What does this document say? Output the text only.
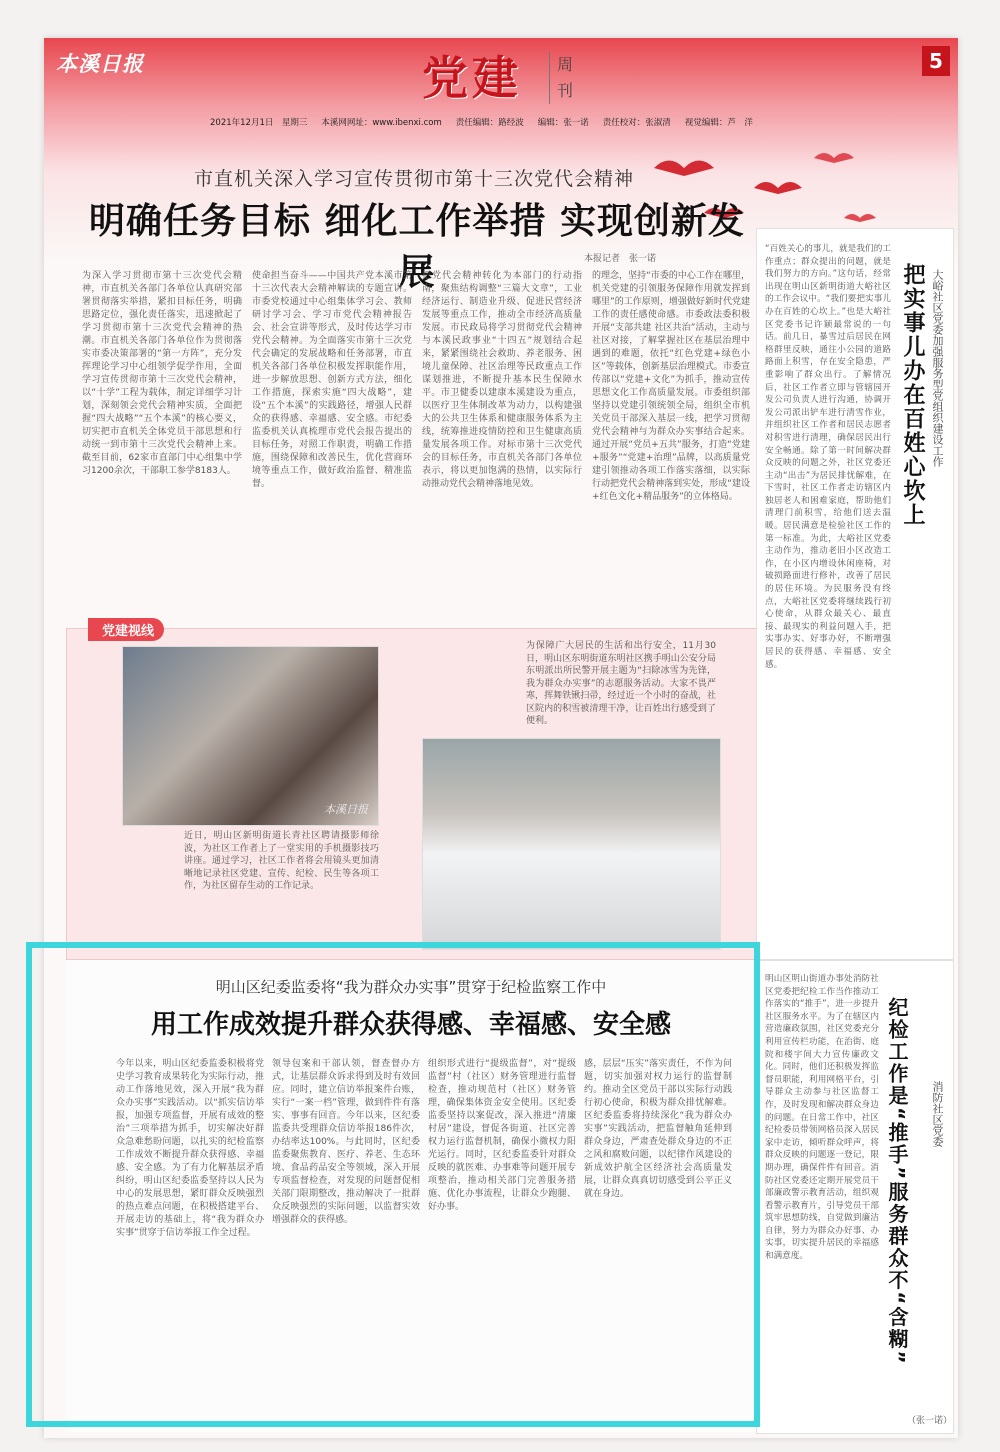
本溪日报	党建	周刊
5
2021年12月1日　星期三 本溪网网址：www.ibenxi.com 责任编辑：路经波 编辑：张一诺 责任校对：张淑清 视觉编辑：芦　洋
市直机关深入学习宣传贯彻市第十三次党代会精神
明确任务目标 细化工作举措 实现创新发展	本报记者　张一诺
为深入学习贯彻市第十三次党代会精神，市直机关各部门各单位认真研究部署贯彻落实举措，紧扣目标任务，明确思路定位，强化责任落实，迅速掀起了学习贯彻市第十三次党代会精神的热潮。市直机关各部门各单位作为贯彻落实市委决策部署的“第一方阵”，充分发挥理论学习中心组领学促学作用，全面学习宣传贯彻市第十三次党代会精神，以“十学”工程为载体，制定详细学习计划，深刻领会党代会精神实质，全面把握“四大战略”“五个本溪”的核心要义，切实把市直机关全体党员干部思想和行动统一到市第十三次党代会精神上来。截至目前，62家市直部门中心组集中学习1200余次，干部职工参学8183人。
使命担当奋斗——中国共产党本溪市第十三次代表大会精神解读的专题宣讲。市委党校通过中心组集体学习会、教师研讨学习会、学习市党代会精神报告会、社会宣讲等形式，及时传达学习市党代会精神。为全面落实市第十三次党代会确定的发展战略和任务部署，市直机关各部门各单位积极发挥职能作用，进一步解放思想、创新方式方法，细化工作措施，探索实施“四大战略”，建设“五个本溪”的实践路径，增强人民群众的获得感、幸福感、安全感。市纪委监委机关认真梳理市党代会报告提出的目标任务，对照工作职责，明确工作措施，围绕保障和改善民生，优化营商环境等重点工作，做好政治监督、精准监督。
把党代会精神转化为本部门的行动指南，聚焦结构调整“三篇大文章”，工业经济运行、制造业升级、促进民营经济发展等重点工作，推动全市经济高质量发展。市民政局将学习贯彻党代会精神与本溪民政事业“十四五”规划结合起来，紧紧围绕社会救助、养老服务、困境儿童保障、社区治理等民政重点工作谋划推进，不断提升基本民生保障水平。市卫健委以建康本溪建设为重点，以医疗卫生体制改革为动力，以构建强大的公共卫生体系和健康服务体系为主线，统筹推进疫情防控和卫生健康高质量发展各项工作。对标市第十三次党代会的目标任务，市直机关各部门各单位表示，将以更加饱满的热情，以实际行动推动党代会精神落地见效。
的理念，坚持“市委的中心工作在哪里，机关党建的引领服务保障作用就发挥到哪里”的工作原则，增强做好新时代党建工作的责任感使命感。市委政法委积极开展“支部共建 社区共治”活动，主动与社区对接，了解掌握社区在基层治理中遇到的难题，依托“红色党建+绿色小区”等载体，创新基层治理模式。市委宣传部以“党建+文化”为抓手，推动宣传思想文化工作高质量发展。市委组织部坚持以党建引领统领全局，组织全市机关党员干部深入基层一线，把学习贯彻党代会精神与为群众办实事结合起来。通过开展“党员+五共”服务，打造“党建+服务”“党建+治理”品牌，以高质量党建引领推动各项工作落实落细，以实际行动把党代会精神落到实处，形成“建设+红色文化+精品服务”的立体格局。
党建视线
本溪日报
近日，明山区新明街道长青社区聘请摄影师徐波，为社区工作者上了一堂实用的手机摄影技巧讲座。通过学习，社区工作者将会用镜头更加清晰地记录社区党建、宣传、纪检、民生等各项工作，为社区留存生动的工作记录。
为保障广大居民的生活和出行安全，11月30日，明山区东明街道东明社区携手明山公安分局东明派出所民警开展主题为“扫除冰雪为先锋，我为群众办实事”的志愿服务活动。大家不畏严寒，挥舞铁锹扫帚，经过近一个小时的奋战，社区院内的积雪被清理干净，让百姓出行感受到了便利。
“百姓关心的事儿，就是我们的工作重点；群众提出的问题，就是我们努力的方向。”这句话，经常出现在明山区新明街道大峪社区的工作会议中。“我们要把实事儿办在百姓的心坎上。”也是大峪社区党委书记许颖最常说的一句话。前几日，暴雪过后居民在网格群里反映，通往小公园的道路路面上积雪，存在安全隐患，严重影响了群众出行。了解情况后，社区工作者立即与管辖园开发公司负责人进行沟通，协调开发公司派出铲车进行清雪作业，并组织社区工作者和居民志愿者对积雪进行清理，确保居民出行安全畅通。除了第一时间解决群众反映的问题之外，社区党委还主动“出击”为居民排忧解难，在下雪时，社区工作者走访辖区内独居老人和困难家庭，帮助他们清理门前积雪，给他们送去温暖。居民满意是检验社区工作的第一标准。为此，大峪社区党委主动作为，推动老旧小区改造工作，在小区内增设休闲座椅，对破损路面进行修补，改善了居民的居住环境。为民服务没有终点，大峪社区党委将继续践行初心使命，从群众最关心、最直接、最现实的利益问题入手，把实事办实、好事办好，不断增强居民的获得感、幸福感、安全感。
把实事儿办在百姓心坎上 大峪社区党委加强服务型党组织建设工作
明山区纪委监委将“我为群众办实事”贯穿于纪检监察工作中
用工作成效提升群众获得感、幸福感、安全感
今年以来，明山区纪委监委积极将党史学习教育成果转化为实际行动，推动工作落地见效，深入开展“我为群众办实事”实践活动。以“抓实信访举报，加强专项监督，开展有成效的整治”三项举措为抓手，切实解决好群众急难愁盼问题，以扎实的纪检监察工作成效不断提升群众获得感、幸福感、安全感。为了有力化解基层矛盾纠纷，明山区纪委监委坚持以人民为中心的发展思想，紧盯群众反映强烈的热点难点问题，在积极搭建平台、开展走访的基础上，将“我为群众办实事”贯穿于信访举报工作全过程。
领导包案和干部认领，督查督办方式，让基层群众诉求得到及时有效回应。同时，建立信访举报案件台账，实行“一案一档”管理，做到件件有落实、事事有回音。今年以来，区纪委监委共受理群众信访举报186件次，办结率达100%。与此同时，区纪委监委聚焦教育、医疗、养老、生态环境、食品药品安全等领域，深入开展专项监督检查，对发现的问题督促相关部门限期整改，推动解决了一批群众反映强烈的实际问题，以监督实效增强群众的获得感。
组织形式进行“提级监督”，对“提级监督”村（社区）财务管理进行监督检查，推动规范村（社区）财务管理，确保集体资金安全使用。区纪委监委坚持以案促改，深入推进“清廉村居”建设，督促各街道、社区完善权力运行监督机制，确保小微权力阳光运行。同时，区纪委监委针对群众反映的就医难、办事难等问题开展专项整治，推动相关部门完善服务措施、优化办事流程，让群众少跑腿、好办事。
感，层层“压实”落实责任，不作为问题，切实加强对权力运行的监督制约。推动全区党员干部以实际行动践行初心使命，积极为群众排忧解难。区纪委监委将持续深化“我为群众办实事”实践活动，把监督触角延伸到群众身边，严肃查处群众身边的不正之风和腐败问题，以纪律作风建设的新成效护航全区经济社会高质量发展，让群众真真切切感受到公平正义就在身边。
明山区明山街道办事处消防社区党委把纪检工作当作推动工作落实的“推手”，进一步提升社区服务水平。为了在辖区内营造廉政氛围，社区党委充分利用宣传栏功能，在治街、庭院和楼宇间大力宣传廉政文化。同时，他们还积极发挥监督员职能，利用网格平台，引导群众主动参与社区监督工作，及时发现和解决群众身边的问题。在日常工作中，社区纪检委员带领网格员深入居民家中走访，倾听群众呼声，将群众反映的问题逐一登记，限期办理，确保件件有回音。消防社区党委还定期开展党员干部廉政警示教育活动，组织观看警示教育片，引导党员干部筑牢思想防线，自觉做到廉洁自律，努力为群众办好事、办实事，切实提升居民的幸福感和满意度。	纪检工作是“推手”服务群众不“含糊” 消防社区党委
（张一诺）
